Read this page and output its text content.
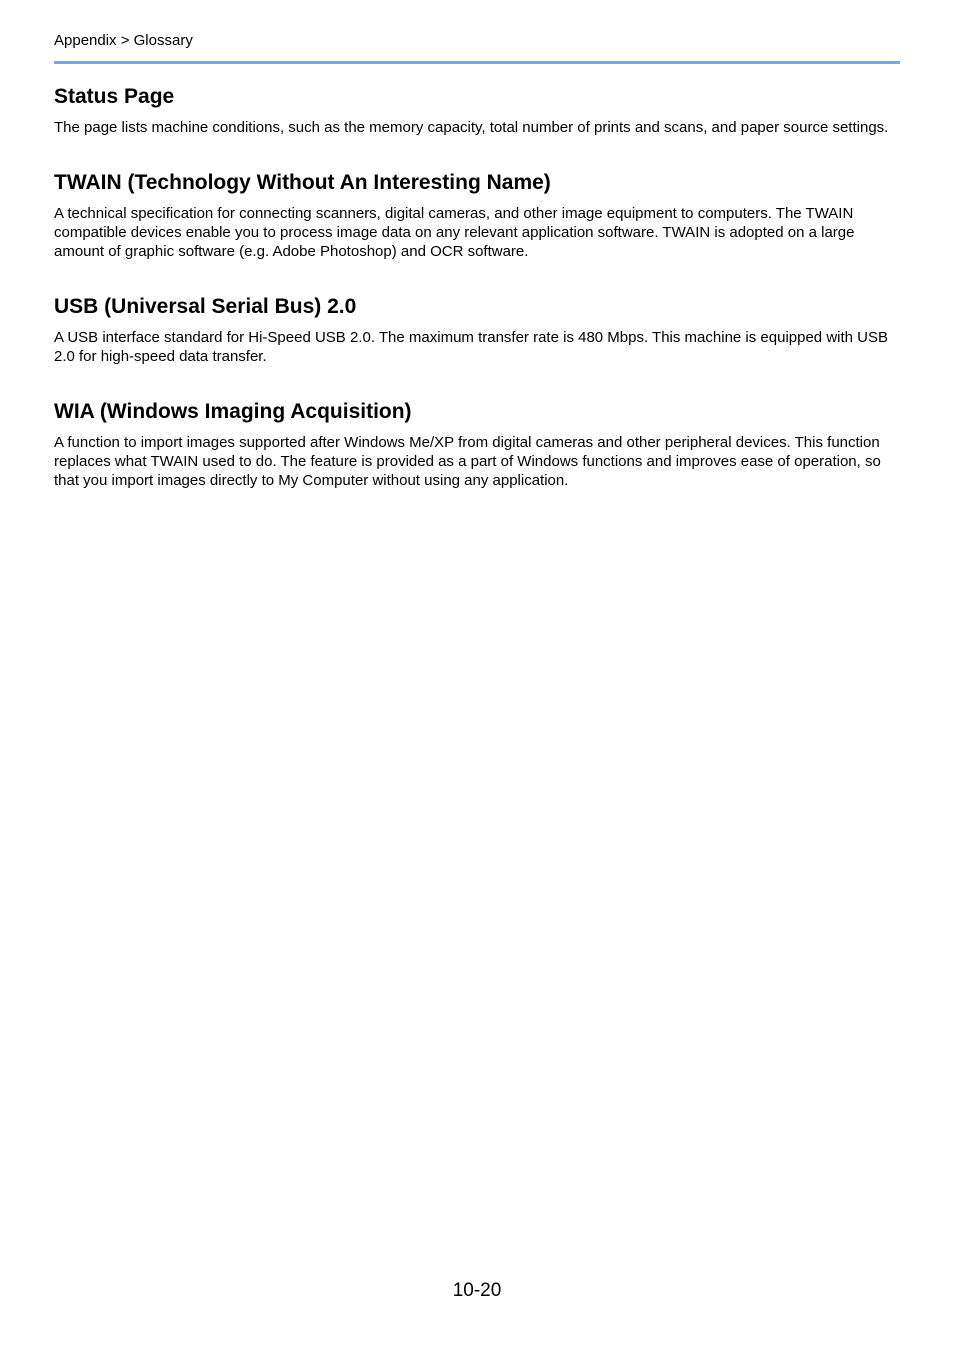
Appendix > Glossary

Status Page

The page lists machine conditions, such as the memory capacity, total number of prints and scans, and paper source settings.

TWAIN (Technology Without An Interesting Name)

A technical specification for connecting scanners, digital cameras, and other image equipment to computers. The TWAIN compatible devices enable you to process image data on any relevant application software. TWAIN is adopted on a large amount of graphic software (e.g. Adobe Photoshop) and OCR software.

USB (Universal Serial Bus) 2.0

A USB interface standard for Hi-Speed USB 2.0. The maximum transfer rate is 480 Mbps. This machine is equipped with USB 2.0 for high-speed data transfer.

WIA (Windows Imaging Acquisition)

A function to import images supported after Windows Me/XP from digital cameras and other peripheral devices. This function replaces what TWAIN used to do. The feature is provided as a part of Windows functions and improves ease of operation, so that you import images directly to My Computer without using any application.

10-20
